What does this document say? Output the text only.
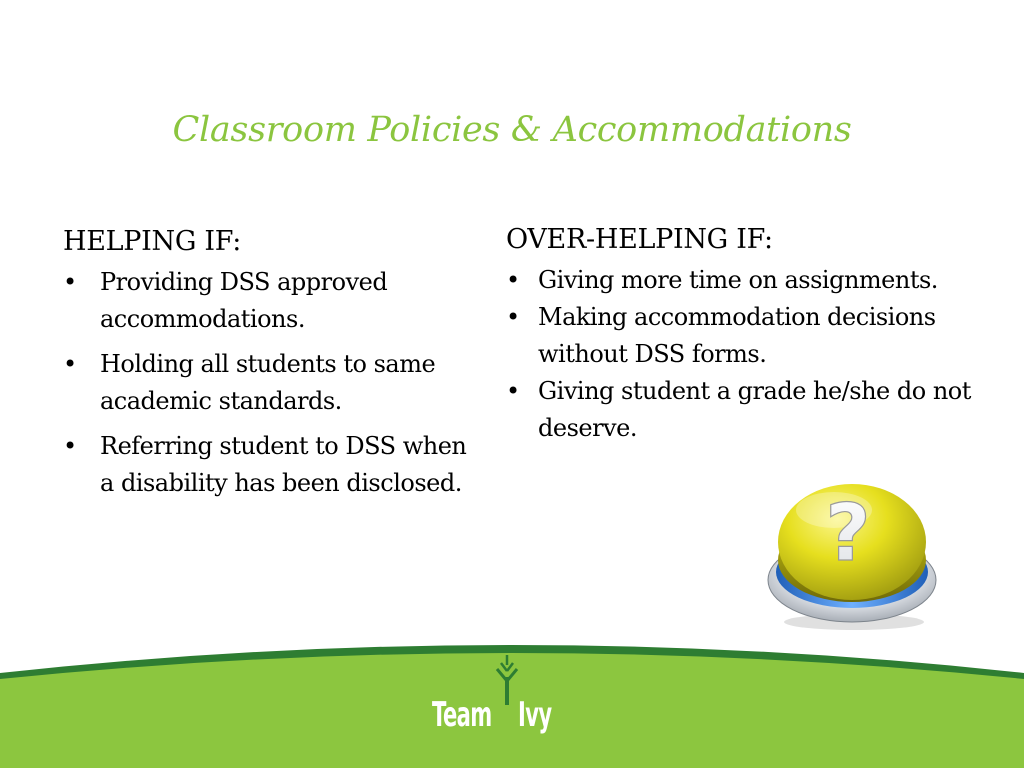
Classroom Policies & Accommodations
HELPING IF:
• Providing DSS approved accommodations.
• Holding all students to same academic standards.
• Referring student to DSS when a disability has been disclosed.
OVER-HELPING IF:
• Giving more time on assignments.
• Making accommodation decisions without DSS forms.
• Giving student a grade he/she do not deserve.
?
Team Ivy
